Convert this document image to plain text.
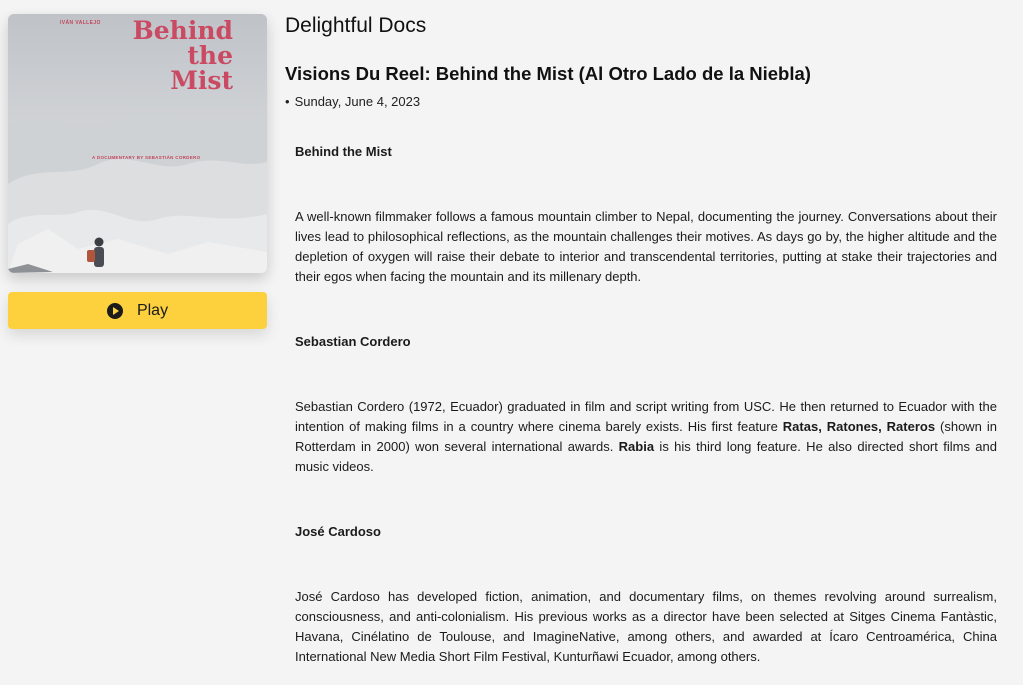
IVÁN VALLEJO Behind
the
Mist
A DOCUMENTARY BY SEBASTIÁN CORDERO
Play
Delightful Docs
Visions Du Reel: Behind the Mist (Al Otro Lado de la Niebla)
• Sunday, June 4, 2023

Behind the Mist

A well-known filmmaker follows a famous mountain climber to Nepal, documenting the journey. Conversations about their lives lead to philosophical reflections, as the mountain challenges their motives. As days go by, the higher altitude and the depletion of oxygen will raise their debate to interior and transcendental territories, putting at stake their trajectories and their egos when facing the mountain and its millenary depth.

Sebastian Cordero

Sebastian Cordero (1972, Ecuador) graduated in film and script writing from USC. He then returned to Ecuador with the intention of making films in a country where cinema barely exists. His first feature Ratas, Ratones, Rateros (shown in Rotterdam in 2000) won several international awards. Rabia is his third long feature. He also directed short films and music videos.

José Cardoso

José Cardoso has developed fiction, animation, and documentary films, on themes revolving around surrealism, consciousness, and anti-colonialism. His previous works as a director have been selected at Sitges Cinema Fantàstic, Havana, Cinélatino de Toulouse, and ImagineNative, among others, and awarded at Ícaro Centroamérica, China International New Media Short Film Festival, Kunturñawi Ecuador, among others.
